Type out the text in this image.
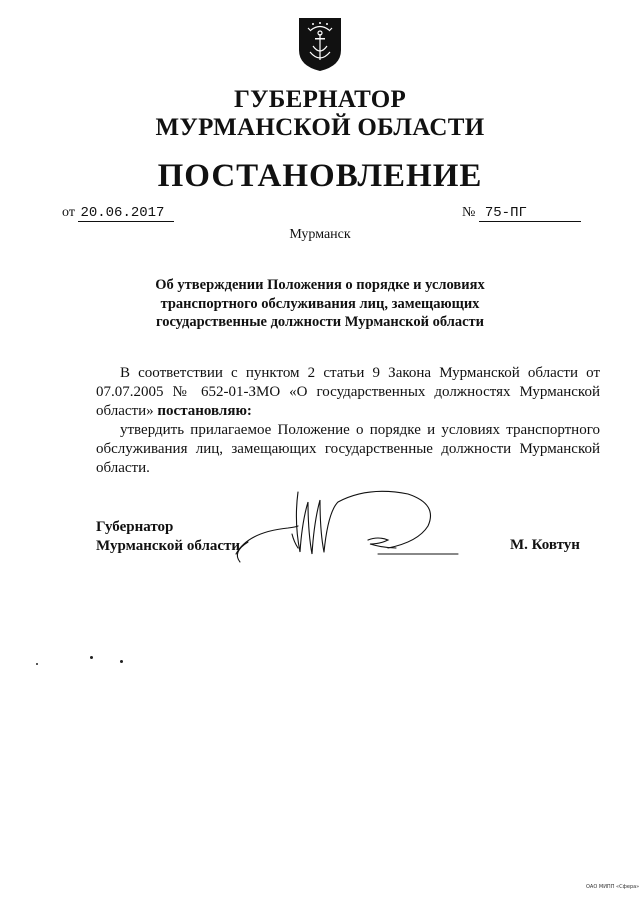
ГУБЕРНАТОР
МУРМАНСКОЙ ОБЛАСТИ
ПОСТАНОВЛЕНИЕ
от 20.06.2017	№ 75-ПГ
Мурманск
Об утверждении Положения о порядке и условиях транспортного обслуживания лиц, замещающих государственные должности Мурманской области

В соответствии с пунктом 2 статьи 9 Закона Мурманской области от 07.07.2005 № 652-01-ЗМО «О государственных должностях Мурманской области» постановляю:

утвердить прилагаемое Положение о порядке и условиях транспортного обслуживания лиц, замещающих государственные должности Мурманской области.

Губернатор
Мурманской области	М. Ковтун
ОАО МИПП «Сфера»
